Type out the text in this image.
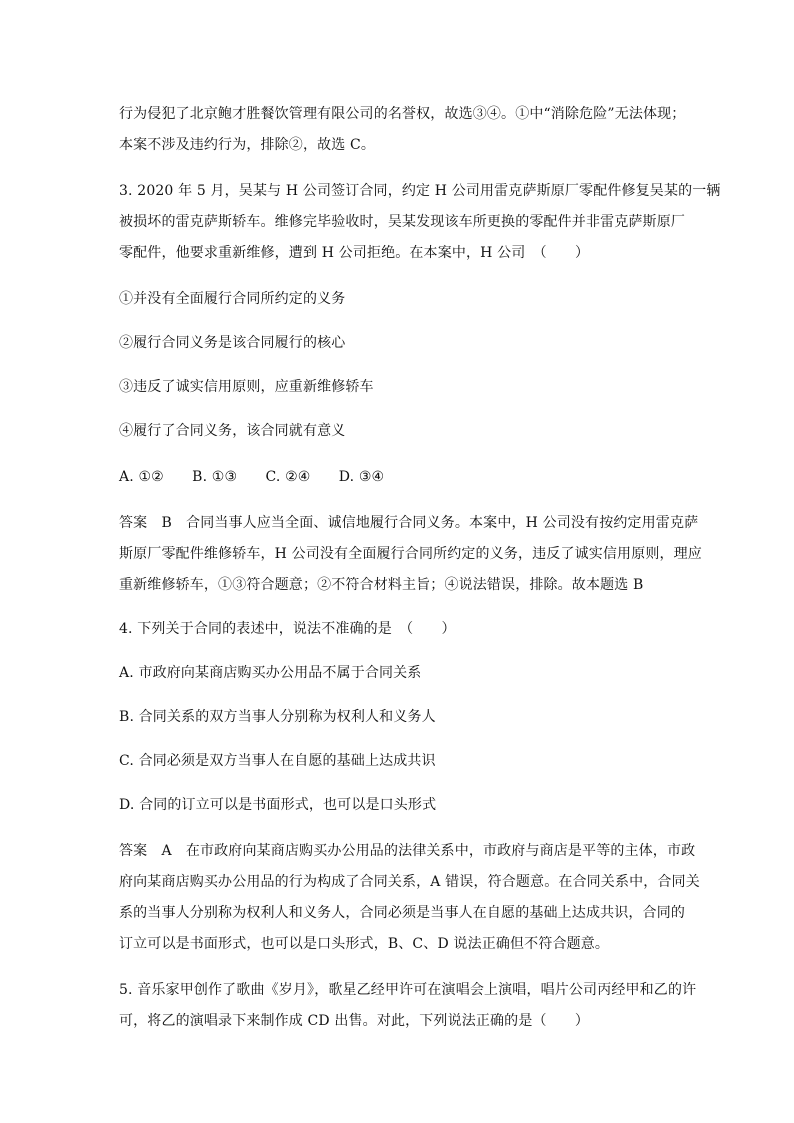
行为侵犯了北京鲍才胜餐饮管理有限公司的名誉权，故选③④。①中“消除危险”无法体现；
本案不涉及违约行为，排除②，故选 C。
3. 2020 年 5 月，吴某与 H 公司签订合同，约定 H 公司用雷克萨斯原厂零配件修复吴某的一辆
被损坏的雷克萨斯轿车。维修完毕验收时，吴某发现该车所更换的零配件并非雷克萨斯原厂
零配件，他要求重新维修，遭到 H 公司拒绝。在本案中，H 公司　（　　）
①并没有全面履行合同所约定的义务
②履行合同义务是该合同履行的核心
③违反了诚实信用原则，应重新维修轿车
④履行了合同义务，该合同就有意义
A. ①②　　B. ①③　　C. ②④　　D. ③④
答案　B　合同当事人应当全面、诚信地履行合同义务。本案中，H 公司没有按约定用雷克萨
斯原厂零配件维修轿车，H 公司没有全面履行合同所约定的义务，违反了诚实信用原则，理应
重新维修轿车，①③符合题意；②不符合材料主旨；④说法错误，排除。故本题选 B
4. 下列关于合同的表述中，说法不准确的是　（　　）
A. 市政府向某商店购买办公用品不属于合同关系
B. 合同关系的双方当事人分别称为权利人和义务人
C. 合同必须是双方当事人在自愿的基础上达成共识
D. 合同的订立可以是书面形式，也可以是口头形式
答案　A　在市政府向某商店购买办公用品的法律关系中，市政府与商店是平等的主体，市政
府向某商店购买办公用品的行为构成了合同关系，A 错误，符合题意。在合同关系中，合同关
系的当事人分别称为权利人和义务人，合同必须是当事人在自愿的基础上达成共识，合同的
订立可以是书面形式，也可以是口头形式，B、C、D 说法正确但不符合题意。
5. 音乐家甲创作了歌曲《岁月》，歌星乙经甲许可在演唱会上演唱，唱片公司丙经甲和乙的许
可，将乙的演唱录下来制作成 CD 出售。对此，下列说法正确的是（　　）
